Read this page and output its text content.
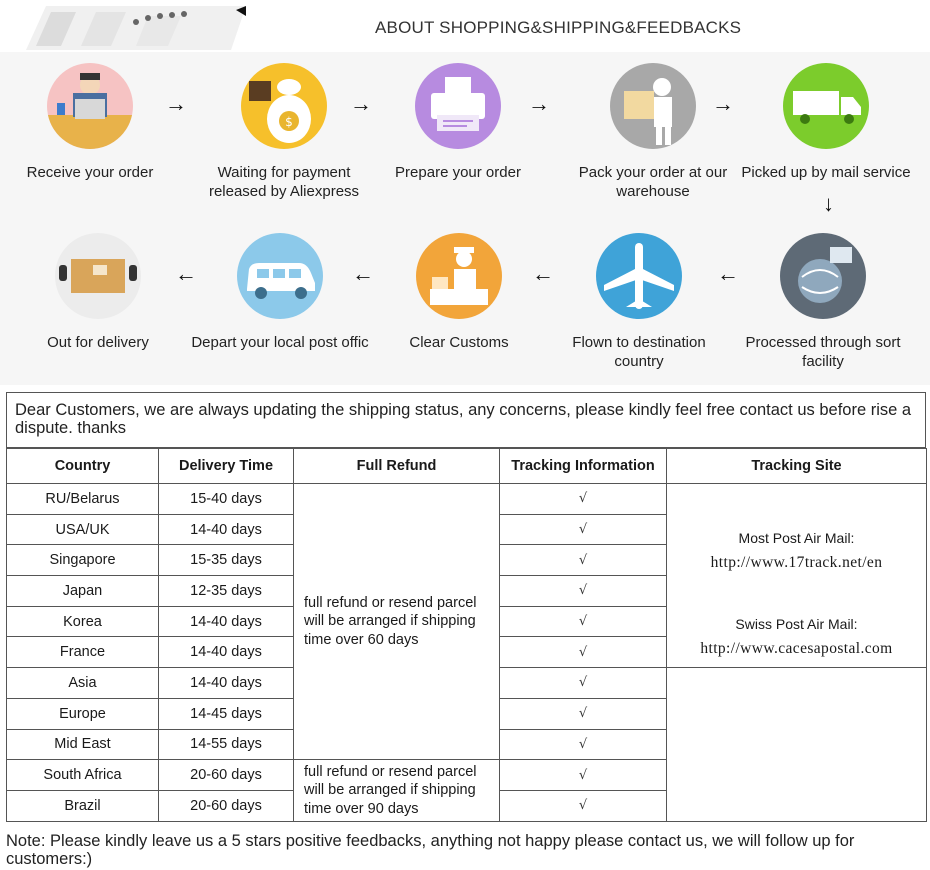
ABOUT SHOPPING&SHIPPING&FEEDBACKS
Receive your order
→
$
Waiting for payment released by Aliexpress
→
Prepare your order
→
Pack your order at our warehouse
→
Picked up by mail service
↓
Processed through sort facility
←
Flown to destination country
←
Clear Customs
←
Depart your local post offic
←
Out for delivery
Dear Customers, we are always updating the shipping status, any concerns, please kindly feel free contact us before rise a dispute. thanks
Country	Delivery Time	Full Refund	Tracking Information	Tracking Site
RU/Belarus	15-40 days	full refund or resend parcel will be arranged if shipping time over 60 days	√	Most Post Air Mail:
http://www.17track.net/en
Swiss Post Air Mail:
http://www.cacesapostal.com

USA/UK	14-40 days		√	
Singapore	15-35 days		√	
Japan	12-35 days		√	
Korea	14-40 days		√	
France	14-40 days		√	
Asia	14-40 days		√	
Europe	14-45 days		√	
Mid East	14-55 days		√	
South Africa	20-60 days	full refund or resend parcel will be arranged if shipping time over 90 days	√	
Brazil	20-60 days		√	
Note: Please kindly leave us a 5 stars positive feedbacks, anything not happy please contact us, we will follow up for customers:)
